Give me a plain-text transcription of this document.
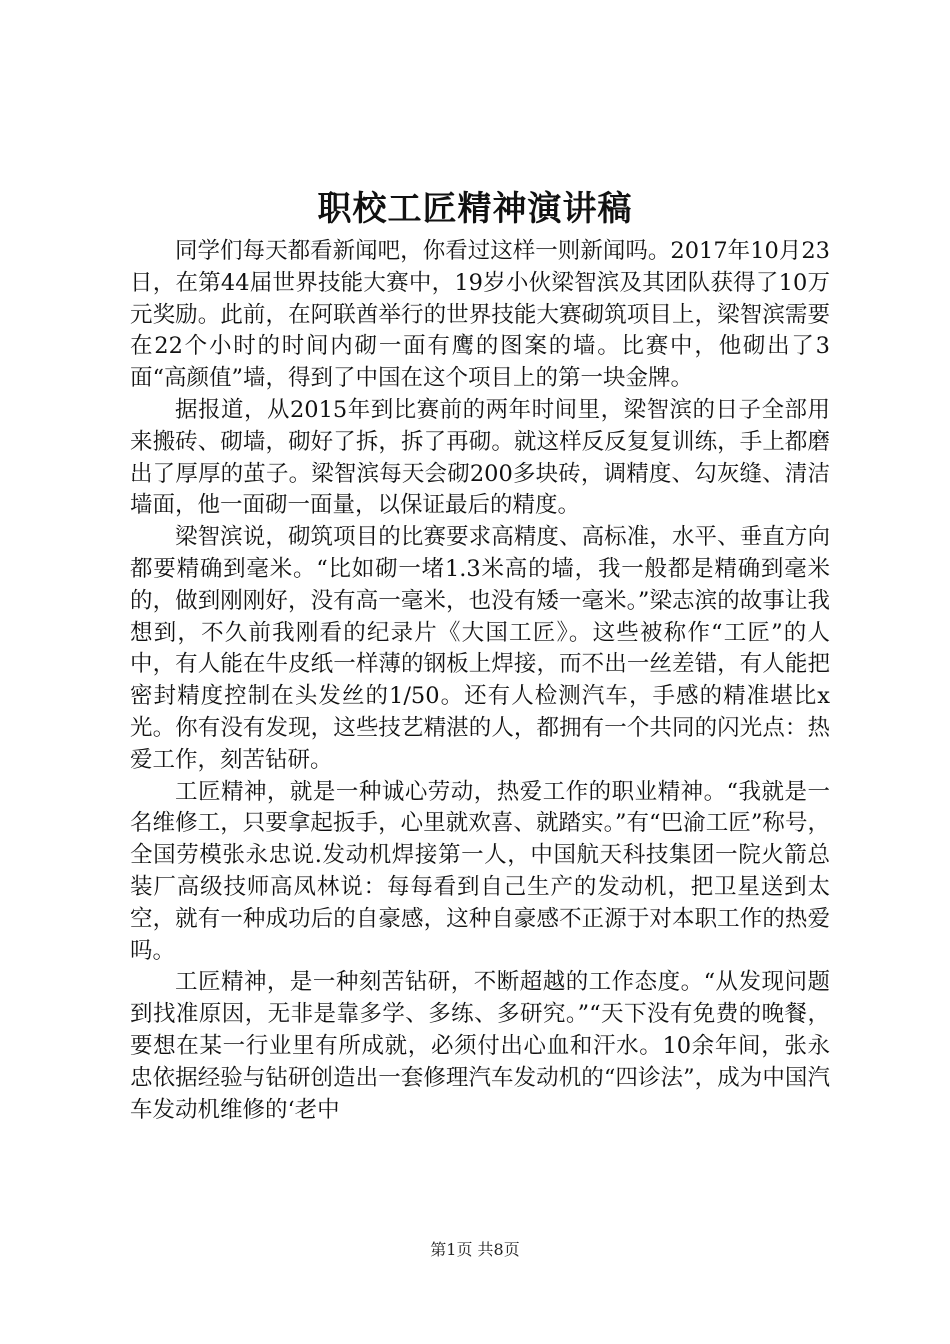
职校工匠精神演讲稿

同学们每天都看新闻吧，你看过这样一则新闻吗。2017年10月23日，在第44届世界技能大赛中，19岁小伙梁智滨及其团队获得了10万元奖励。此前，在阿联酋举行的世界技能大赛砌筑项目上，梁智滨需要在22个小时的时间内砌一面有鹰的图案的墙。比赛中，他砌出了3面“高颜值”墙，得到了中国在这个项目上的第一块金牌。

据报道，从2015年到比赛前的两年时间里，梁智滨的日子全部用来搬砖、砌墙，砌好了拆，拆了再砌。就这样反反复复训练，手上都磨出了厚厚的茧子。梁智滨每天会砌200多块砖，调精度、勾灰缝、清洁墙面，他一面砌一面量，以保证最后的精度。

梁智滨说，砌筑项目的比赛要求高精度、高标准，水平、垂直方向都要精确到毫米。“比如砌一堵1.3米高的墙，我一般都是精确到毫米的，做到刚刚好，没有高一毫米，也没有矮一毫米。”梁志滨的故事让我想到，不久前我刚看的纪录片《大国工匠》。这些被称作“工匠”的人中，有人能在牛皮纸一样薄的钢板上焊接，而不出一丝差错，有人能把密封精度控制在头发丝的1/50。还有人检测汽车，手感的精准堪比x光。你有没有发现，这些技艺精湛的人，都拥有一个共同的闪光点：热爱工作，刻苦钻研。

工匠精神，就是一种诚心劳动，热爱工作的职业精神。“我就是一名维修工，只要拿起扳手，心里就欢喜、就踏实。”有“巴渝工匠”称号，全国劳模张永忠说.发动机焊接第一人，中国航天科技集团一院火箭总装厂高级技师高凤林说：每每看到自己生产的发动机，把卫星送到太空，就有一种成功后的自豪感，这种自豪感不正源于对本职工作的热爱吗。

工匠精神，是一种刻苦钻研，不断超越的工作态度。“从发现问题到找准原因，无非是靠多学、多练、多研究。”“天下没有免费的晚餐，要想在某一行业里有所成就，必须付出心血和汗水。10余年间，张永忠依据经验与钻研创造出一套修理汽车发动机的“四诊法”，成为中国汽车发动机维修的‘老中

第1页 共8页
